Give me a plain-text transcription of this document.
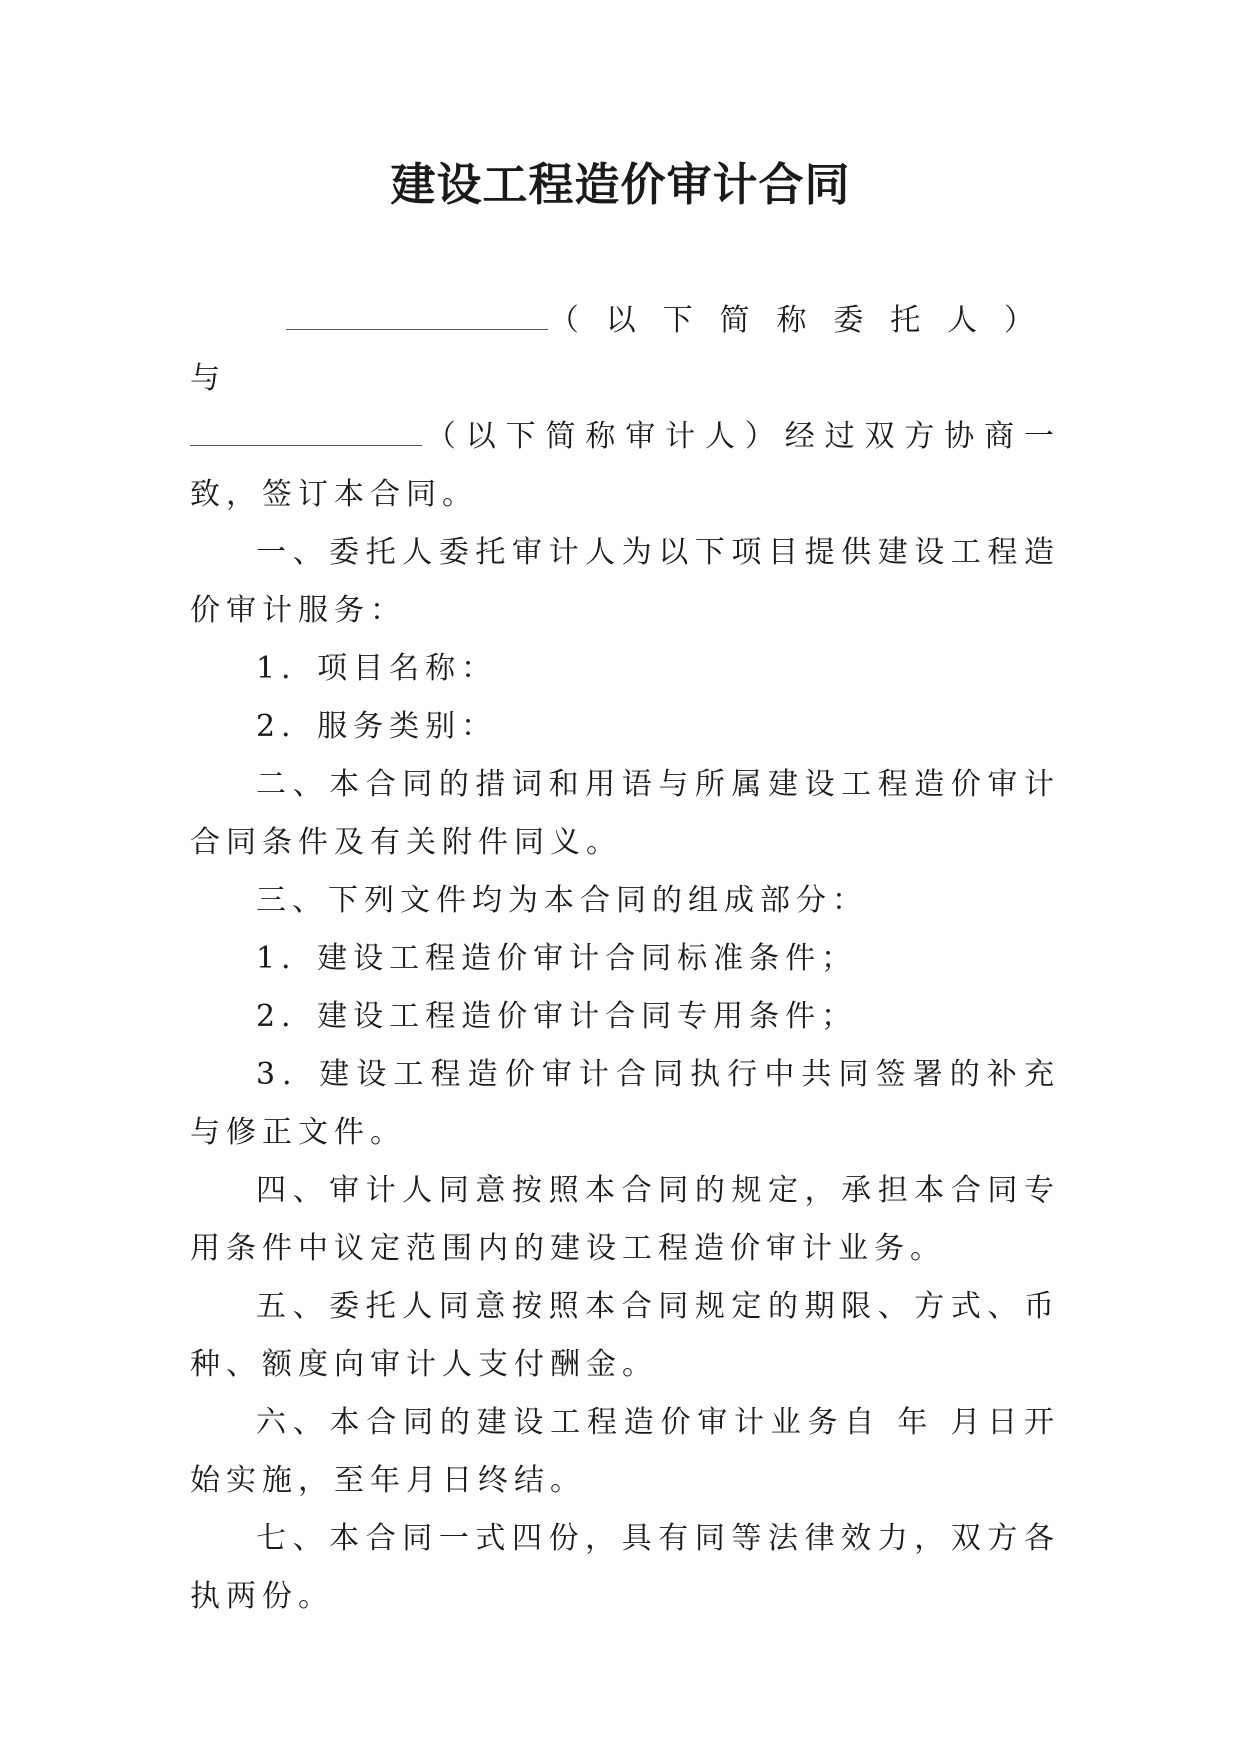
建设工程造价审计合同

（以下简称委托人）与
（以下简称审计人）经过双方协商一致，签订本合同。

一、委托人委托审计人为以下项目提供建设工程造价审计服务：

1．项目名称：

2．服务类别：

二、本合同的措词和用语与所属建设工程造价审计合同条件及有关附件同义。

三、下列文件均为本合同的组成部分：

1．建设工程造价审计合同标准条件；

2．建设工程造价审计合同专用条件；

3．建设工程造价审计合同执行中共同签署的补充与修正文件。

四、审计人同意按照本合同的规定，承担本合同专用条件中议定范围内的建设工程造价审计业务。

五、委托人同意按照本合同规定的期限、方式、币种、额度向审计人支付酬金。

六、本合同的建设工程造价审计业务自 年 月日开始实施，至年月日终结。

七、本合同一式四份，具有同等法律效力，双方各执两份。
